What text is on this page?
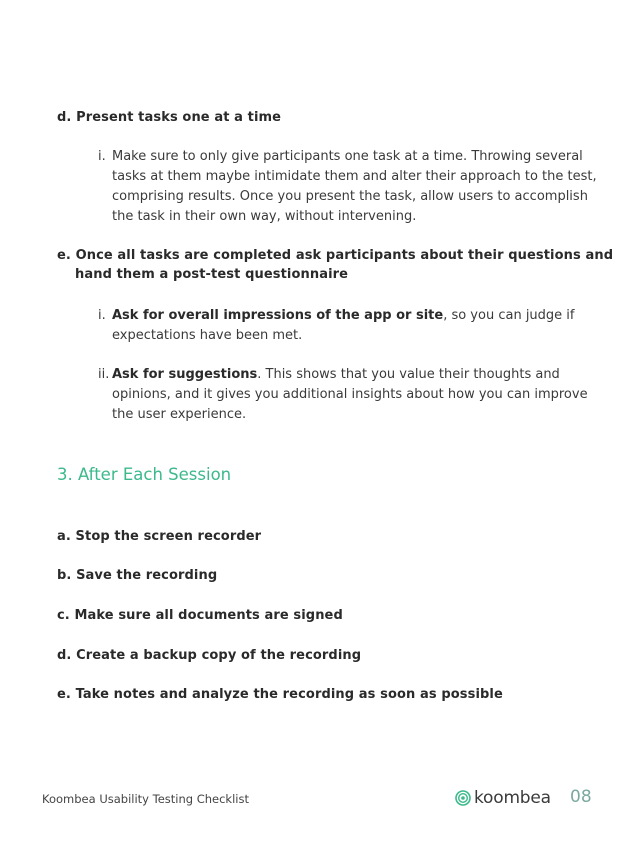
d. Present tasks one at a time

i. Make sure to only give participants one task at a time. Throwing several tasks at them maybe intimidate them and alter their approach to the test, comprising results. Once you present the task, allow users to accomplish the task in their own way, without intervening.

e. Once all tasks are completed ask participants about their questions and hand them a post-test questionnaire

i. Ask for overall impressions of the app or site, so you can judge if expectations have been met.
ii. Ask for suggestions. This shows that you value their thoughts and opinions, and it gives you additional insights about how you can improve the user experience.
3. After Each Session

a. Stop the screen recorder

b. Save the recording

c. Make sure all documents are signed

d. Create a backup copy of the recording

e. Take notes and analyze the recording as soon as possible

Koombea Usability Testing Checklist	koombea 08
